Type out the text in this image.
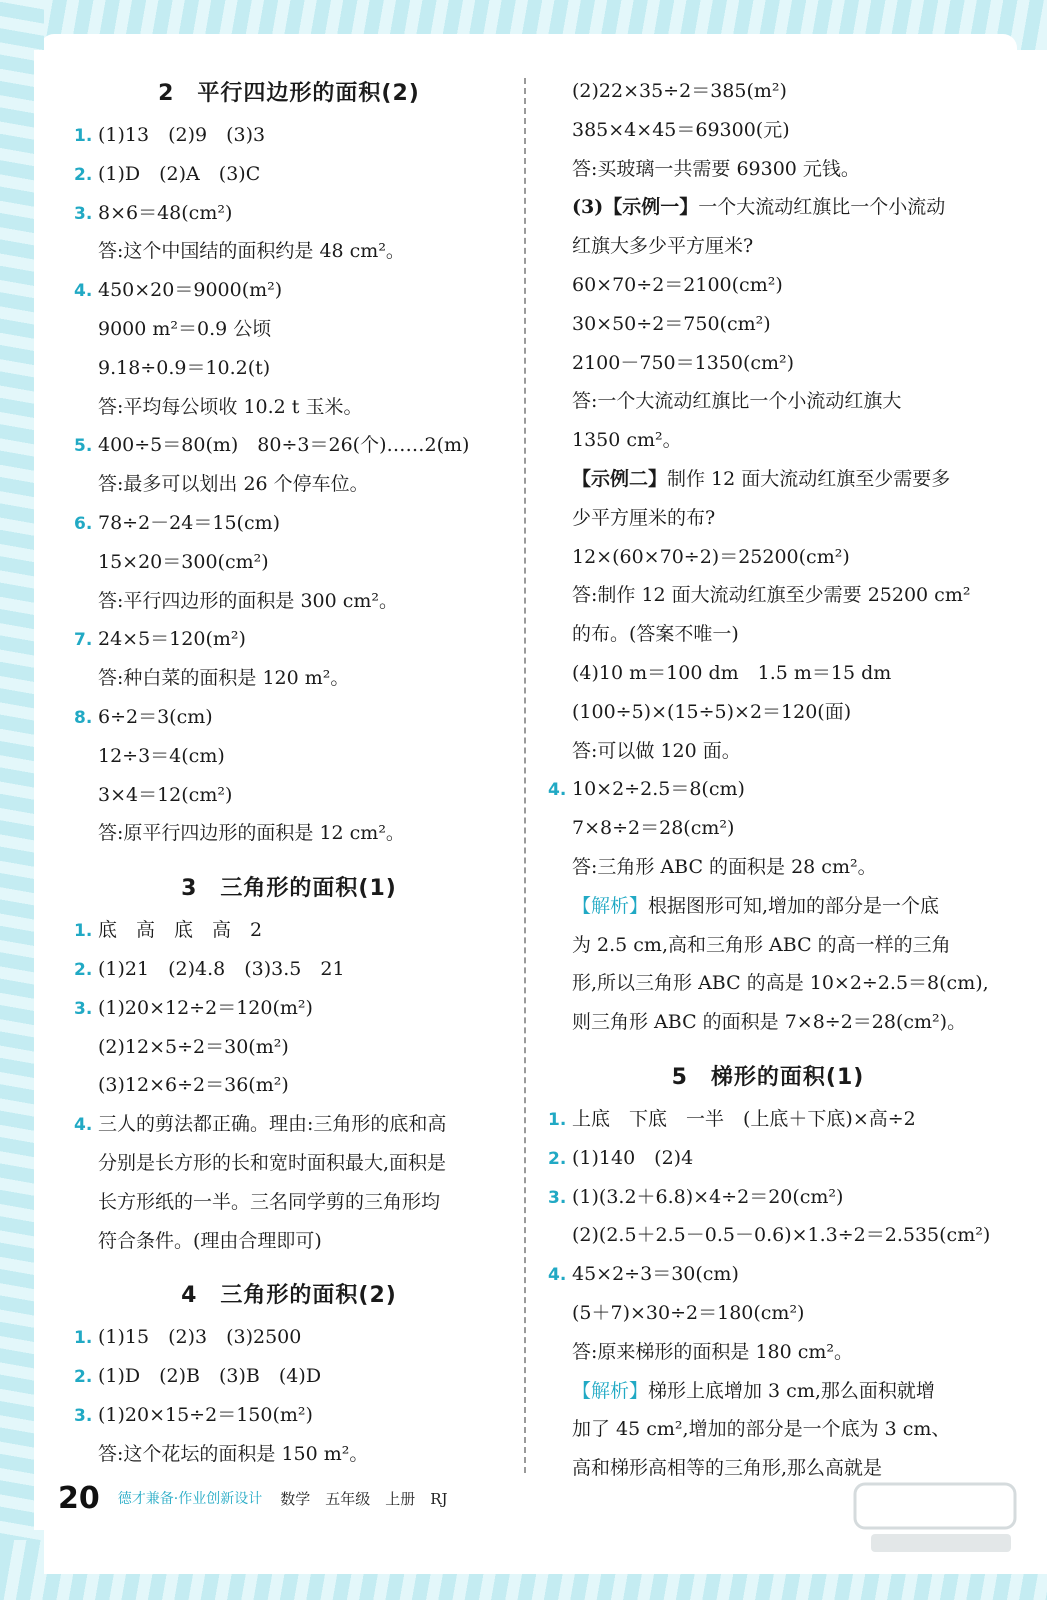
2　平行四边形的面积(2)
1. (1)13　(2)9　(3)3
2. (1)D　(2)A　(3)C
3. 8×6＝48(cm²)
答:这个中国结的面积约是 48 cm²。
4. 450×20＝9000(m²)
9000 m²＝0.9 公顷
9.18÷0.9＝10.2(t)
答:平均每公顷收 10.2 t 玉米。
5. 400÷5＝80(m)　80÷3＝26(个)……2(m)
答:最多可以划出 26 个停车位。
6. 78÷2－24＝15(cm)
15×20＝300(cm²)
答:平行四边形的面积是 300 cm²。
7. 24×5＝120(m²)
答:种白菜的面积是 120 m²。
8. 6÷2＝3(cm)
12÷3＝4(cm)
3×4＝12(cm²)
答:原平行四边形的面积是 12 cm²。
3　三角形的面积(1)
1. 底　高　底　高　2
2. (1)21　(2)4.8　(3)3.5　21
3. (1)20×12÷2＝120(m²)
(2)12×5÷2＝30(m²)
(3)12×6÷2＝36(m²)
4. 三人的剪法都正确。理由:三角形的底和高
分别是长方形的长和宽时面积最大,面积是
长方形纸的一半。三名同学剪的三角形均
符合条件。(理由合理即可)
4　三角形的面积(2)
1. (1)15　(2)3　(3)2500
2. (1)D　(2)B　(3)B　(4)D
3. (1)20×15÷2＝150(m²)
答:这个花坛的面积是 150 m²。
(2)22×35÷2＝385(m²)
385×4×45＝69300(元)
答:买玻璃一共需要 69300 元钱。
(3)【示例一】一个大流动红旗比一个小流动
红旗大多少平方厘米?
60×70÷2＝2100(cm²)
30×50÷2＝750(cm²)
2100－750＝1350(cm²)
答:一个大流动红旗比一个小流动红旗大
1350 cm²。
【示例二】制作 12 面大流动红旗至少需要多
少平方厘米的布?
12×(60×70÷2)＝25200(cm²)
答:制作 12 面大流动红旗至少需要 25200 cm²
的布。(答案不唯一)
(4)10 m＝100 dm　1.5 m＝15 dm
(100÷5)×(15÷5)×2＝120(面)
答:可以做 120 面。
4. 10×2÷2.5＝8(cm)
7×8÷2＝28(cm²)
答:三角形 ABC 的面积是 28 cm²。
【解析】根据图形可知,增加的部分是一个底
为 2.5 cm,高和三角形 ABC 的高一样的三角
形,所以三角形 ABC 的高是 10×2÷2.5＝8(cm),
则三角形 ABC 的面积是 7×8÷2＝28(cm²)。
5　梯形的面积(1)
1. 上底　下底　一半　(上底＋下底)×高÷2
2. (1)140　(2)4
3. (1)(3.2＋6.8)×4÷2＝20(cm²)
(2)(2.5＋2.5－0.5－0.6)×1.3÷2＝2.535(cm²)
4. 45×2÷3＝30(cm)
(5＋7)×30÷2＝180(cm²)
答:原来梯形的面积是 180 cm²。
【解析】梯形上底增加 3 cm,那么面积就增
加了 45 cm²,增加的部分是一个底为 3 cm、
高和梯形高相等的三角形,那么高就是
20 德才兼备·作业创新设计 数学　五年级　上册　RJ
